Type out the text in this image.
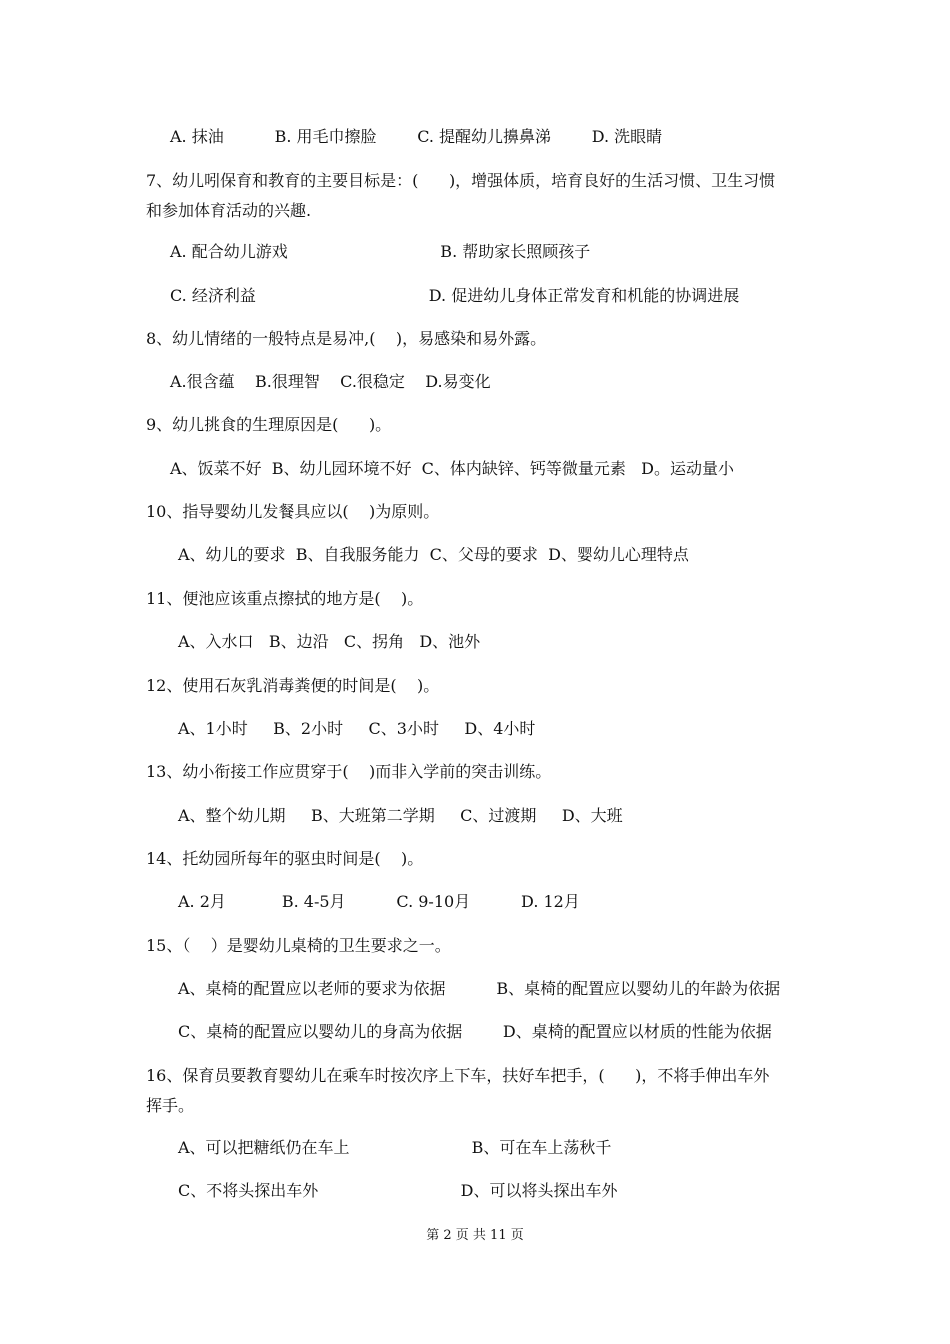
A. 抹油          B. 用毛巾擦脸        C. 提醒幼儿擤鼻涕        D. 洗眼睛
7、幼儿吲保育和教育的主要目标是：(      )，增强体质，培育良好的生活习惯、卫生习惯
和参加体育活动的兴趣.
A. 配合幼儿游戏                              B. 帮助家长照顾孩子
C. 经济利益                                  D. 促进幼儿身体正常发育和机能的协调进展
8、幼儿情绪的一般特点是易冲,(    )，易感染和易外露。
A.很含蕴    B.很理智    C.很稳定    D.易变化
9、幼儿挑食的生理原因是(      )。
A、饭菜不好  B、幼儿园环境不好  C、体内缺锌、钙等微量元素   D。运动量小
10、指导婴幼儿发餐具应以(    )为原则。
A、幼儿的要求  B、自我服务能力  C、父母的要求  D、婴幼儿心理特点
11、便池应该重点擦拭的地方是(    )。
A、入水口   B、边沿   C、拐角   D、池外
12、使用石灰乳消毒粪便的时间是(    )。
A、1小时     B、2小时     C、3小时     D、4小时
13、幼小衔接工作应贯穿于(    )而非入学前的突击训练。
A、整个幼儿期     B、大班第二学期     C、过渡期     D、大班
14、托幼园所每年的驱虫时间是(    )。
A. 2月           B. 4-5月          C. 9-10月          D. 12月
15、（    ）是婴幼儿桌椅的卫生要求之一。
A、桌椅的配置应以老师的要求为依据          B、桌椅的配置应以婴幼儿的年龄为依据
C、桌椅的配置应以婴幼儿的身高为依据        D、桌椅的配置应以材质的性能为依据
16、保育员要教育婴幼儿在乘车时按次序上下车，扶好车把手，(      )，不将手伸出车外
挥手。
A、可以把糖纸仍在车上                        B、可在车上荡秋千
C、不将头探出车外                            D、可以将头探出车外
第 2 页 共 11 页
